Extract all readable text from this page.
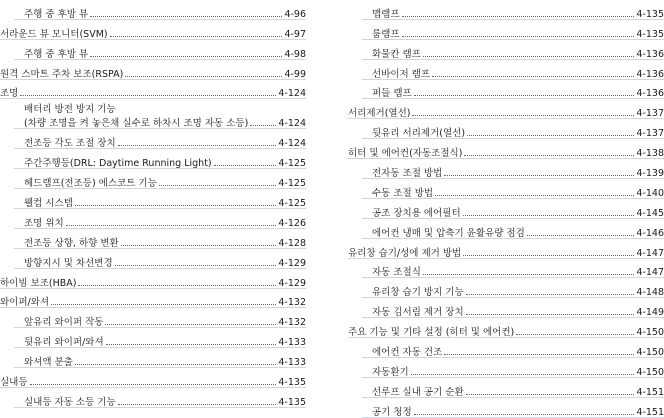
주행 중 후방 뷰	4-96
서라운드 뷰 모니터(SVM)	4-97
주행 중 후방 뷰	4-98
원격 스마트 주차 보조(RSPA)	4-99
조명	4-124
배터리 방전 방지 기능
(차량 조명을 켜 놓은채 실수로 하차시 조명 자동 소등)	4-124
전조등 각도 조절 장치	4-124
주간주행등(DRL: Daytime Running Light)	4-125
헤드램프(전조등) 에스코트 기능	4-125
웰컴 시스템	4-125
조명 위치	4-126
전조등 상향, 하향 변환	4-128
방향지시 및 차선변경	4-129
하이빔 보조(HBA)	4-129
와이퍼/와셔	4-132
앞유리 와이퍼 작동	4-132
뒷유리 와이퍼/와셔	4-133
와셔액 분출	4-133
실내등	4-135
실내등 자동 소등 기능	4-135
맵램프	4-135
룸램프	4-135
화물칸 램프	4-136
선바이저 램프	4-136
퍼들 램프	4-136
서리제거(열선)	4-137
뒷유리 서리제거(열선)	4-137
히터 및 에어컨(자동조절식)	4-138
전자동 조절 방법	4-139
수동 조절 방법	4-140
공조 장치용 에어필터	4-145
에어컨 냉매 및 압축기 윤활유량 점검	4-146
유리창 습기/성에 제거 방법	4-147
자동 조절식	4-147
유리창 습기 방지 기능	4-148
자동 김서림 제거 장치	4-149
주요 기능 및 기타 설정 (히터 및 에어컨)	4-150
에어컨 자동 건조	4-150
자동환기	4-150
선루프 실내 공기 순환	4-151
공기 청정	4-151
